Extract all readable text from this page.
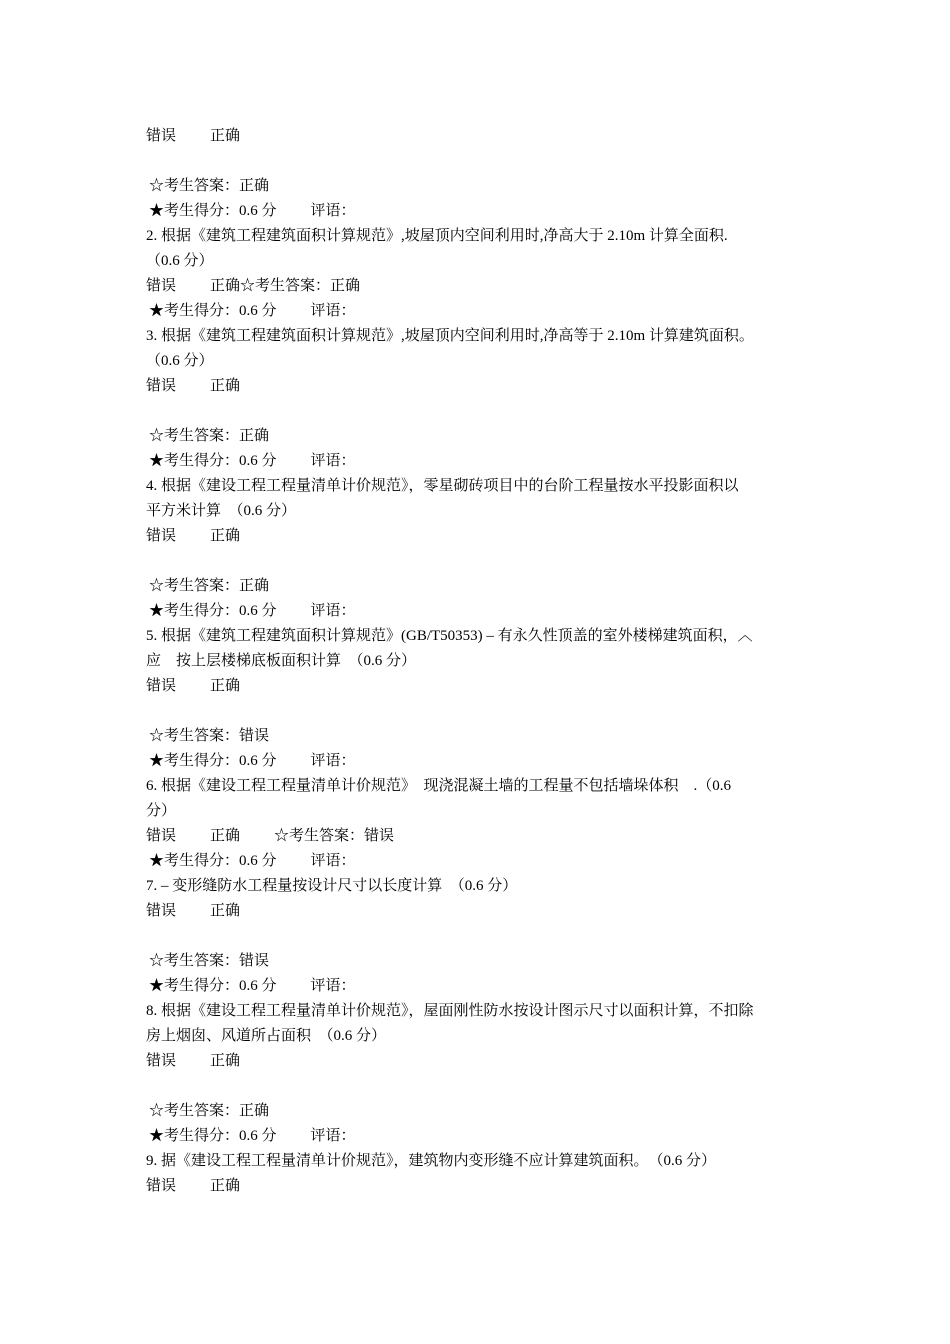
错误 正确
☆考生答案：正确
★考生得分：0.6 分 评语：
2. 根据《建筑工程建筑面积计算规范》,坡屋顶内空间利用时,净高大于 2.10m 计算全面积.
（0.6 分）
错误 正确☆考生答案：正确
★考生得分：0.6 分 评语：
3. 根据《建筑工程建筑面积计算规范》,坡屋顶内空间利用时,净高等于 2.10m 计算建筑面积。
（0.6 分）
错误 正确
☆考生答案：正确
★考生得分：0.6 分 评语：
4. 根据《建设工程工程量清单计价规范》，零星砌砖项目中的台阶工程量按水平投影面积以
平方米计算　（0.6 分）
错误 正确
☆考生答案：正确
★考生得分：0.6 分 评语：
5. 根据《建筑工程建筑面积计算规范》(GB/T50353) – 有永久性顶盖的室外楼梯建筑面积，︿
应　按上层楼梯底板面积计算　（0.6 分）
错误 正确
☆考生答案：错误
★考生得分：0.6 分 评语：
6. 根据《建设工程工程量清单计价规范》　现浇混凝土墙的工程量不包括墙垛体积　.（0.6
分）
错误 正确 ☆考生答案：错误
★考生得分：0.6 分 评语：
7. – 变形缝防水工程量按设计尺寸以长度计算　（0.6 分）
错误 正确
☆考生答案：错误
★考生得分：0.6 分 评语：
8. 根据《建设工程工程量清单计价规范》，屋面刚性防水按设计图示尺寸以面积计算，不扣除
房上烟囱、风道所占面积　（0.6 分）
错误 正确
☆考生答案：正确
★考生得分：0.6 分 评语：
9. 据《建设工程工程量清单计价规范》，建筑物内变形缝不应计算建筑面积。　（0.6 分）
错误 正确
